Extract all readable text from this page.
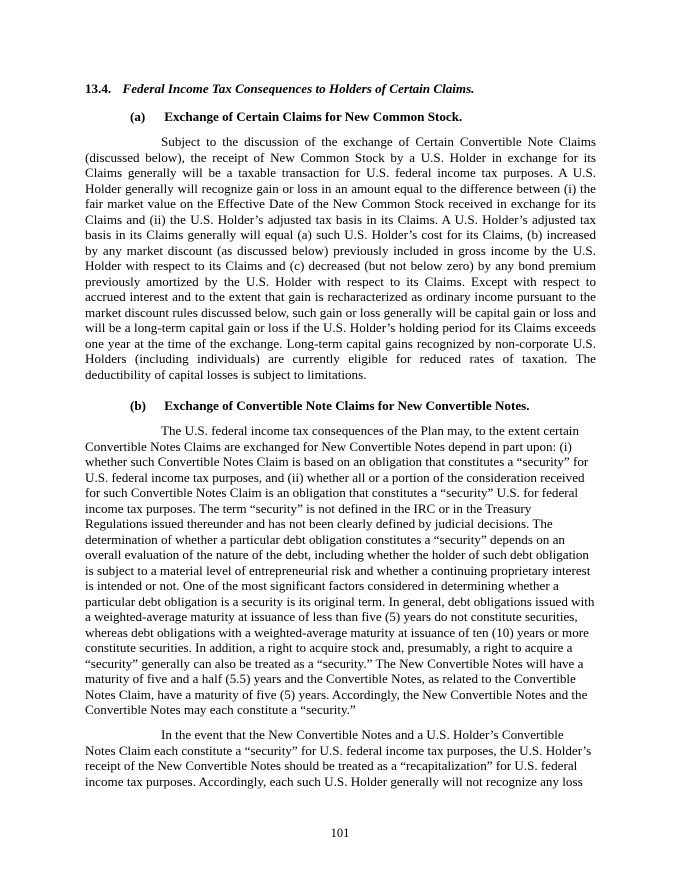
13.4. Federal Income Tax Consequences to Holders of Certain Claims.
(a) Exchange of Certain Claims for New Common Stock.

Subject to the discussion of the exchange of Certain Convertible Note Claims (discussed below), the receipt of New Common Stock by a U.S. Holder in exchange for its Claims generally will be a taxable transaction for U.S. federal income tax purposes. A U.S. Holder generally will recognize gain or loss in an amount equal to the difference between (i) the fair market value on the Effective Date of the New Common Stock received in exchange for its Claims and (ii) the U.S. Holder’s adjusted tax basis in its Claims. A U.S. Holder’s adjusted tax basis in its Claims generally will equal (a) such U.S. Holder’s cost for its Claims, (b) increased by any market discount (as discussed below) previously included in gross income by the U.S. Holder with respect to its Claims and (c) decreased (but not below zero) by any bond premium previously amortized by the U.S. Holder with respect to its Claims. Except with respect to accrued interest and to the extent that gain is recharacterized as ordinary income pursuant to the market discount rules discussed below, such gain or loss generally will be capital gain or loss and will be a long-term capital gain or loss if the U.S. Holder’s holding period for its Claims exceeds one year at the time of the exchange. Long-term capital gains recognized by non-corporate U.S. Holders (including individuals) are currently eligible for reduced rates of taxation. The deductibility of capital losses is subject to limitations.

(b) Exchange of Convertible Note Claims for New Convertible Notes.

The U.S. federal income tax consequences of the Plan may, to the extent certain Convertible Notes Claims are exchanged for New Convertible Notes depend in part upon: (i) whether such Convertible Notes Claim is based on an obligation that constitutes a “security” for U.S. federal income tax purposes, and (ii) whether all or a portion of the consideration received for such Convertible Notes Claim is an obligation that constitutes a “security” U.S. for federal income tax purposes. The term “security” is not defined in the IRC or in the Treasury Regulations issued thereunder and has not been clearly defined by judicial decisions. The determination of whether a particular debt obligation constitutes a “security” depends on an overall evaluation of the nature of the debt, including whether the holder of such debt obligation is subject to a material level of entrepreneurial risk and whether a continuing proprietary interest is intended or not. One of the most significant factors considered in determining whether a particular debt obligation is a security is its original term. In general, debt obligations issued with a weighted-average maturity at issuance of less than five (5) years do not constitute securities, whereas debt obligations with a weighted-average maturity at issuance of ten (10) years or more constitute securities. In addition, a right to acquire stock and, presumably, a right to acquire a “security” generally can also be treated as a “security.” The New Convertible Notes will have a maturity of five and a half (5.5) years and the Convertible Notes, as related to the Convertible Notes Claim, have a maturity of five (5) years. Accordingly, the New Convertible Notes and the Convertible Notes may each constitute a “security.”

In the event that the New Convertible Notes and a U.S. Holder’s Convertible Notes Claim each constitute a “security” for U.S. federal income tax purposes, the U.S. Holder’s receipt of the New Convertible Notes should be treated as a “recapitalization” for U.S. federal income tax purposes. Accordingly, each such U.S. Holder generally will not recognize any loss

101
